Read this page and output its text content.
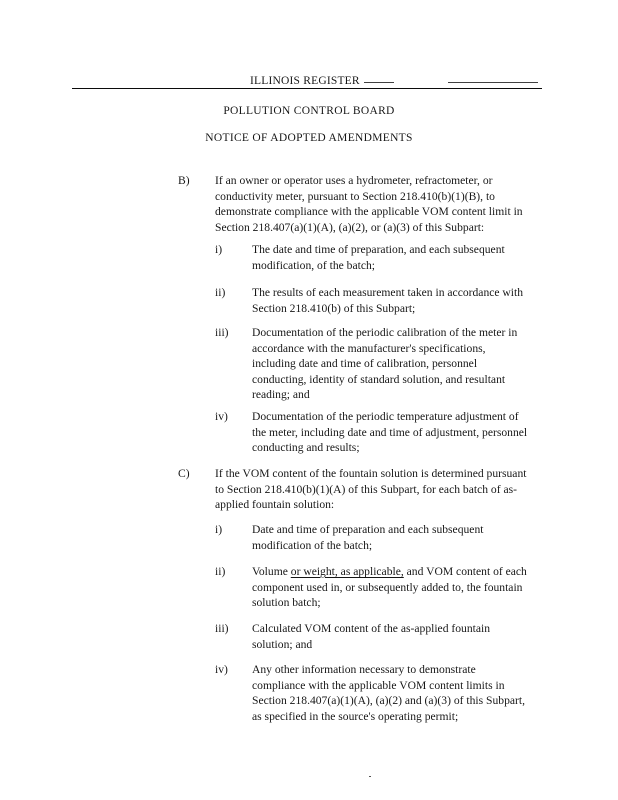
ILLINOIS REGISTER
POLLUTION CONTROL BOARD
NOTICE OF ADOPTED AMENDMENTS
B) If an owner or operator uses a hydrometer, refractometer, or
conductivity meter, pursuant to Section 218.410(b)(1)(B), to
demonstrate compliance with the applicable VOM content limit in
Section 218.407(a)(1)(A), (a)(2), or (a)(3) of this Subpart:
i)	The date and time of preparation, and each subsequent
modification, of the batch;
ii) The results of each measurement taken in accordance with
Section 218.410(b) of this Subpart;
iii) Documentation of the periodic calibration of the meter in
accordance with the manufacturer's specifications,
including date and time of calibration, personnel
conducting, identity of standard solution, and resultant
reading; and
iv) Documentation of the periodic temperature adjustment of
the meter, including date and time of adjustment, personnel
conducting and results;
C) If the VOM content of the fountain solution is determined pursuant
to Section 218.410(b)(1)(A) of this Subpart, for each batch of as-
applied fountain solution:
i)	Date and time of preparation and each subsequent
modification of the batch;
ii) Volume or weight, as applicable, and VOM content of each
component used in, or subsequently added to, the fountain
solution batch;
iii) Calculated VOM content of the as-applied fountain
solution; and
iv) Any other information necessary to demonstrate
compliance with the applicable VOM content limits in
Section 218.407(a)(1)(A), (a)(2) and (a)(3) of this Subpart,
as specified in the source's operating permit;
